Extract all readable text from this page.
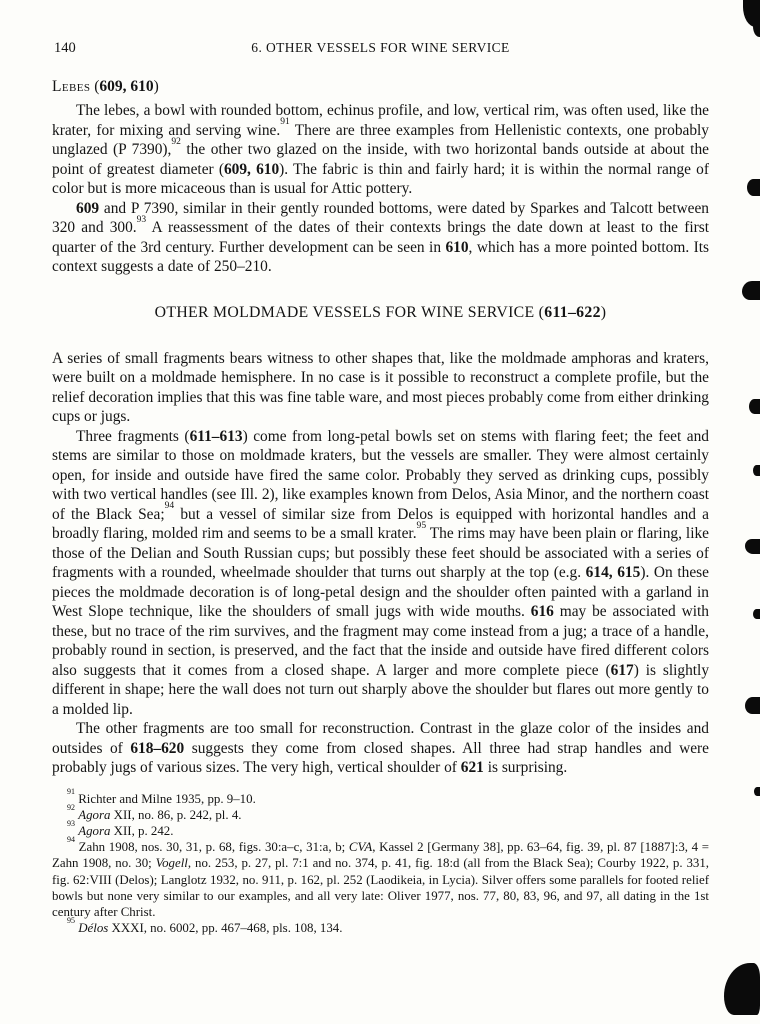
140	6. OTHER VESSELS FOR WINE SERVICE
Lebes (609, 610)

The lebes, a bowl with rounded bottom, echinus profile, and low, vertical rim, was often used, like the krater, for mixing and serving wine.$^{91}$ There are three examples from Hellenistic contexts, one probably unglazed (P 7390),$^{92}$ the other two glazed on the inside, with two horizontal bands outside at about the point of greatest diameter (609, 610). The fabric is thin and fairly hard; it is within the normal range of color but is more micaceous than is usual for Attic pottery.

609 and P 7390, similar in their gently rounded bottoms, were dated by Sparkes and Talcott between 320 and 300.93 A reassessment of the dates of their contexts brings the date down at least to the first quarter of the 3rd century. Further development can be seen in 610, which has a more pointed bottom. Its context suggests a date of 250–210.

OTHER MOLDMADE VESSELS FOR WINE SERVICE (611–622)

A series of small fragments bears witness to other shapes that, like the moldmade amphoras and kraters, were built on a moldmade hemisphere. In no case is it possible to reconstruct a complete profile, but the relief decoration implies that this was fine table ware, and most pieces probably come from either drinking cups or jugs.

Three fragments (611–613) come from long-petal bowls set on stems with flaring feet; the feet and stems are similar to those on moldmade kraters, but the vessels are smaller. They were almost certainly open, for inside and outside have fired the same color. Probably they served as drinking cups, possibly with two vertical handles (see Ill. 2), like examples known from Delos, Asia Minor, and the northern coast of the Black Sea;$^{94}$ but a vessel of similar size from Delos is equipped with horizontal handles and a broadly flaring, molded rim and seems to be a small krater.$^{95}$ The rims may have been plain or flaring, like those of the Delian and South Russian cups; but possibly these feet should be associated with a series of fragments with a rounded, wheelmade shoulder that turns out sharply at the top (e.g. 614, 615). On these pieces the moldmade decoration is of long-petal design and the shoulder often painted with a garland in West Slope technique, like the shoulders of small jugs with wide mouths. 616 may be associated with these, but no trace of the rim survives, and the fragment may come instead from a jug; a trace of a handle, probably round in section, is preserved, and the fact that the inside and outside have fired different colors also suggests that it comes from a closed shape. A larger and more complete piece (617) is slightly different in shape; here the wall does not turn out sharply above the shoulder but flares out more gently to a molded lip.

The other fragments are too small for reconstruction. Contrast in the glaze color of the insides and outsides of 618–620 suggests they come from closed shapes. All three had strap handles and were probably jugs of various sizes. The very high, vertical shoulder of 621 is surprising.

$^{91}$ Richter and Milne 1935, pp. 9–10.

$^{92}$ Agora XII, no. 86, p. 242, pl. 4.

$^{93}$ Agora XII, p. 242.

$^{94}$ Zahn 1908, nos. 30, 31, p. 68, figs. 30:a–c, 31:a, b; CVA, Kassel 2 [Germany 38], pp. 63–64, fig. 39, pl. 87 [1887]:3, 4 = Zahn 1908, no. 30; Vogell, no. 253, p. 27, pl. 7:1 and no. 374, p. 41, fig. 18:d (all from the Black Sea); Courby 1922, p. 331, fig. 62:VIII (Delos); Langlotz 1932, no. 911, p. 162, pl. 252 (Laodikeia, in Lycia). Silver offers some parallels for footed relief bowls but none very similar to our examples, and all very late: Oliver 1977, nos. 77, 80, 83, 96, and 97, all dating in the 1st century after Christ.

$^{95}$ Délos XXXI, no. 6002, pp. 467–468, pls. 108, 134.
